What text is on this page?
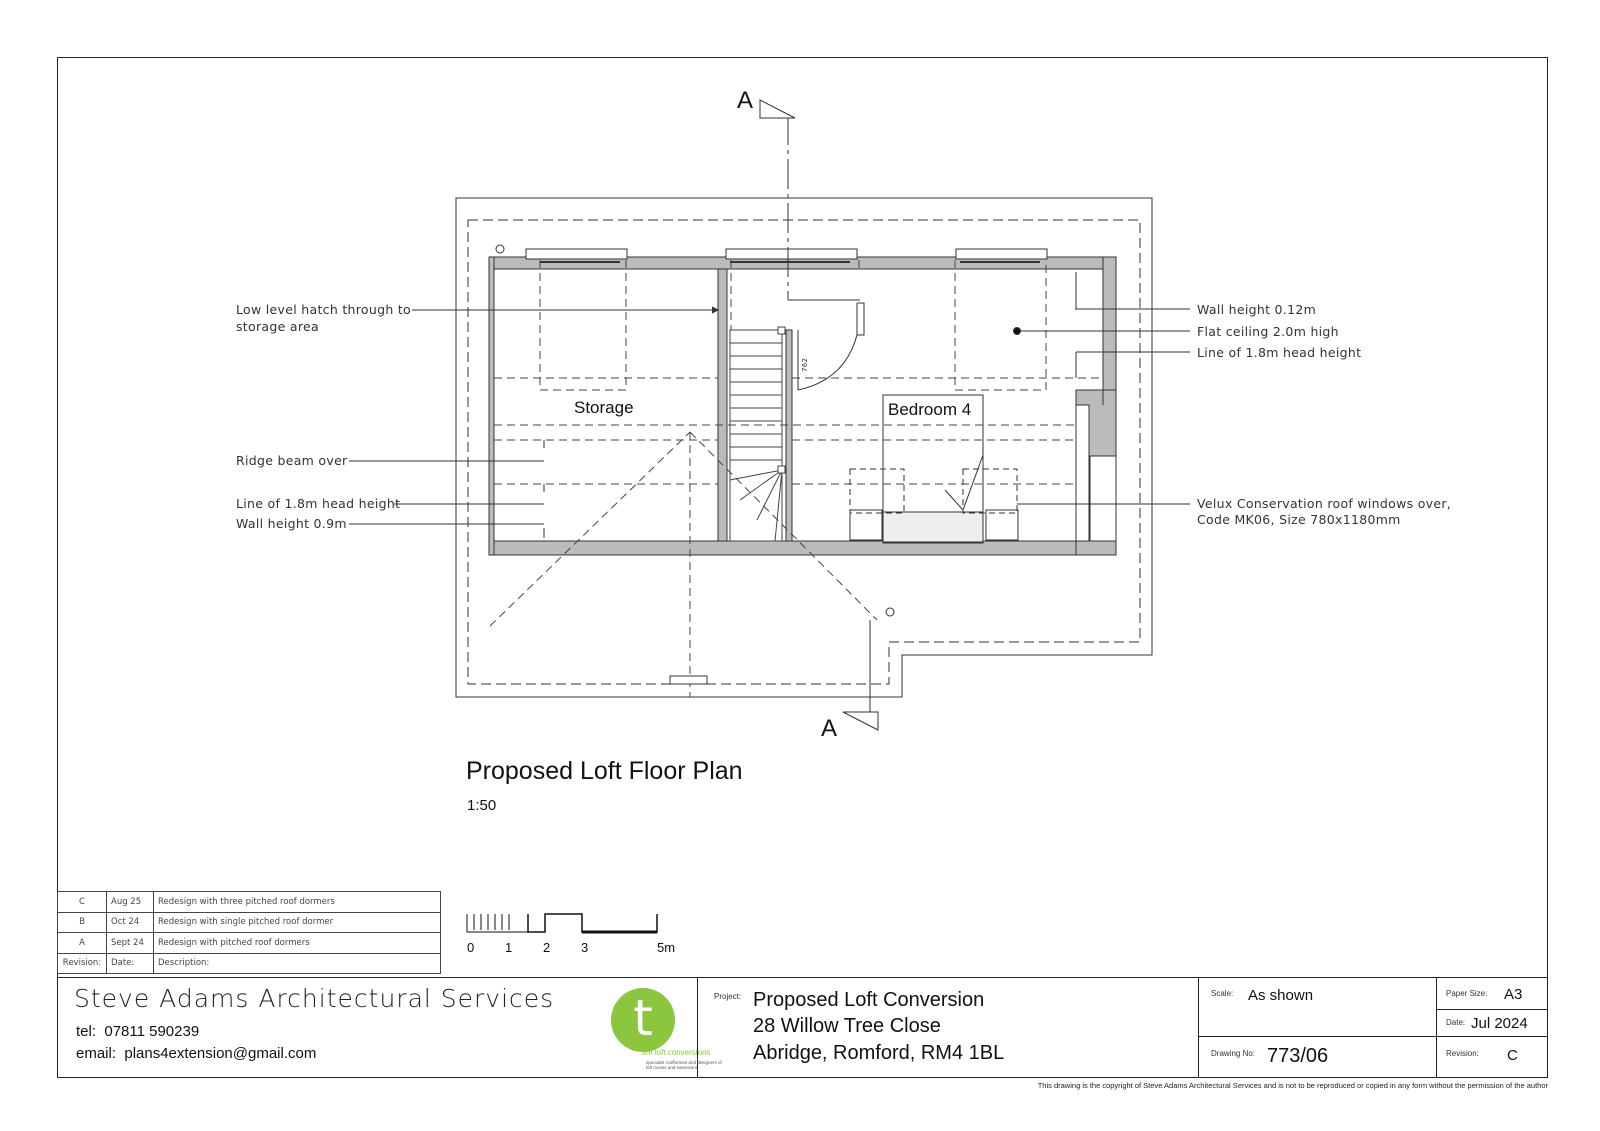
Low level hatch through to
storage area
Ridge beam over
Line of 1.8m head height
Wall height 0.9m
Wall height 0.12m
Flat ceiling 2.0m high
Line of 1.8m head height
Velux Conservation roof windows over,
Code MK06, Size 780x1180mm
Storage	Bedroom 4
762
A
A
Proposed Loft Floor Plan
1:50
0 1 2 3	5m
C	Aug 25	Redesign with three pitched roof dormers
B	Oct 24	Redesign with single pitched roof dormer
A	Sept 24	Redesign with pitched roof dormers
Revision:	Date:	Description:
Steve Adams Architectural Services
tel: 07811 590239
email: plans4extension@gmail.com
t
tim loft conversions
specialist roofformes and designers of loft moves and extensions
Project: Proposed Loft Conversion
28 Willow Tree Close
Abridge, Romford, RM4 1BL
Scale: As shown
Drawing No: 773/06
Paper Size: A3
Date: Jul 2024
Revision: C
This drawing is the copyright of Steve Adams Architectural Services and is not to be reproduced or copied in any form without the permission of the author
